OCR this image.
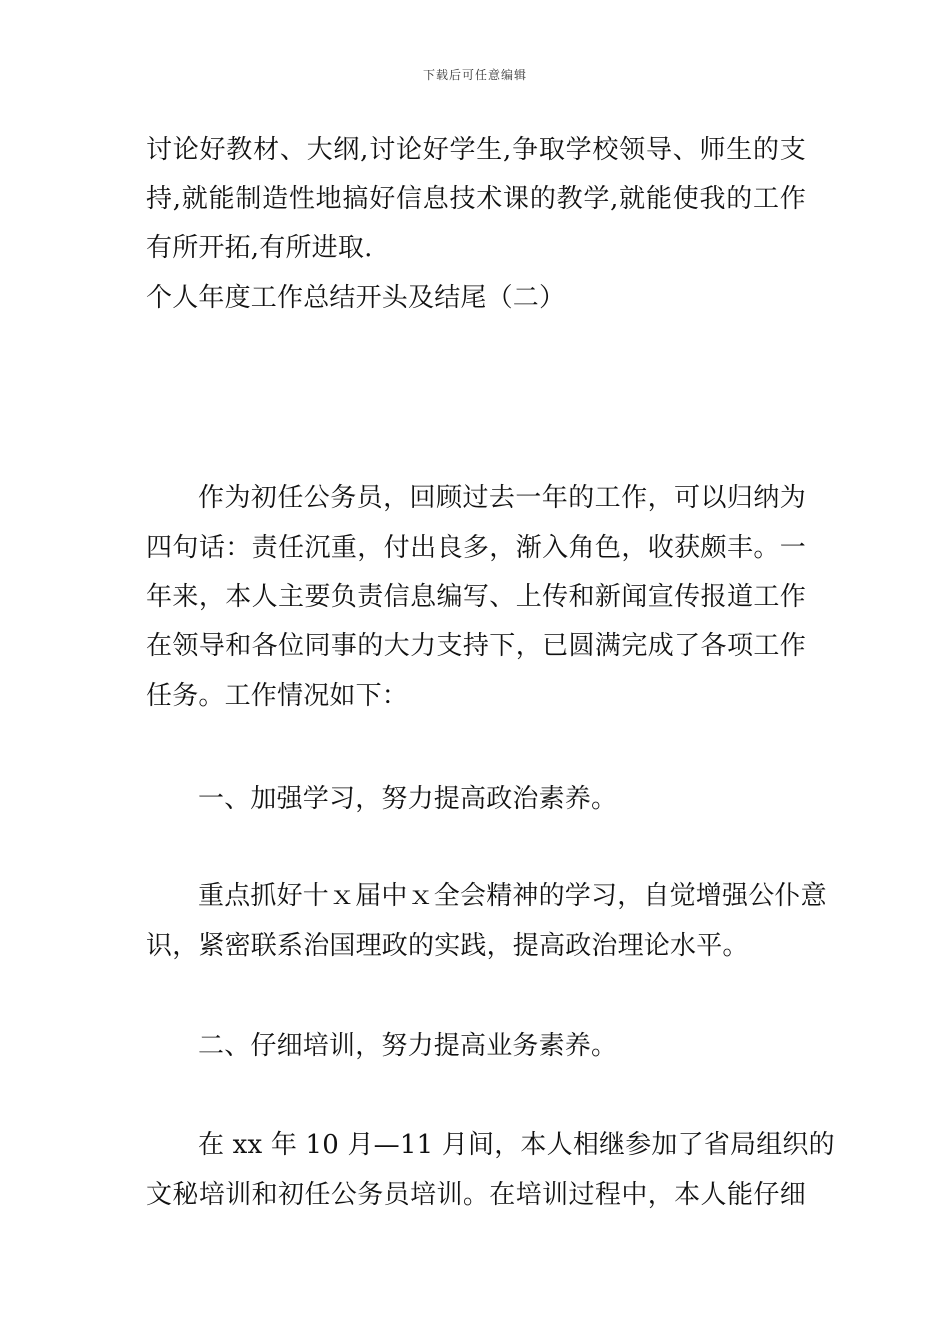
下载后可任意编辑
讨论好教材、大纲,讨论好学生,争取学校领导、师生的支
持,就能制造性地搞好信息技术课的教学,就能使我的工作
有所开拓,有所进取.
个人年度工作总结开头及结尾（二）
作为初任公务员，回顾过去一年的工作，可以归纳为
四句话：责任沉重，付出良多，渐入角色，收获颇丰。一
年来，本人主要负责信息编写、上传和新闻宣传报道工作
在领导和各位同事的大力支持下，已圆满完成了各项工作
任务。工作情况如下：
一、加强学习，努力提高政治素养。
重点抓好十ｘ届中ｘ全会精神的学习，自觉增强公仆意
识，紧密联系治国理政的实践，提高政治理论水平。
二、仔细培训，努力提高业务素养。
在 xx 年 10 月—11 月间，本人相继参加了省局组织的
文秘培训和初任公务员培训。在培训过程中，本人能仔细
